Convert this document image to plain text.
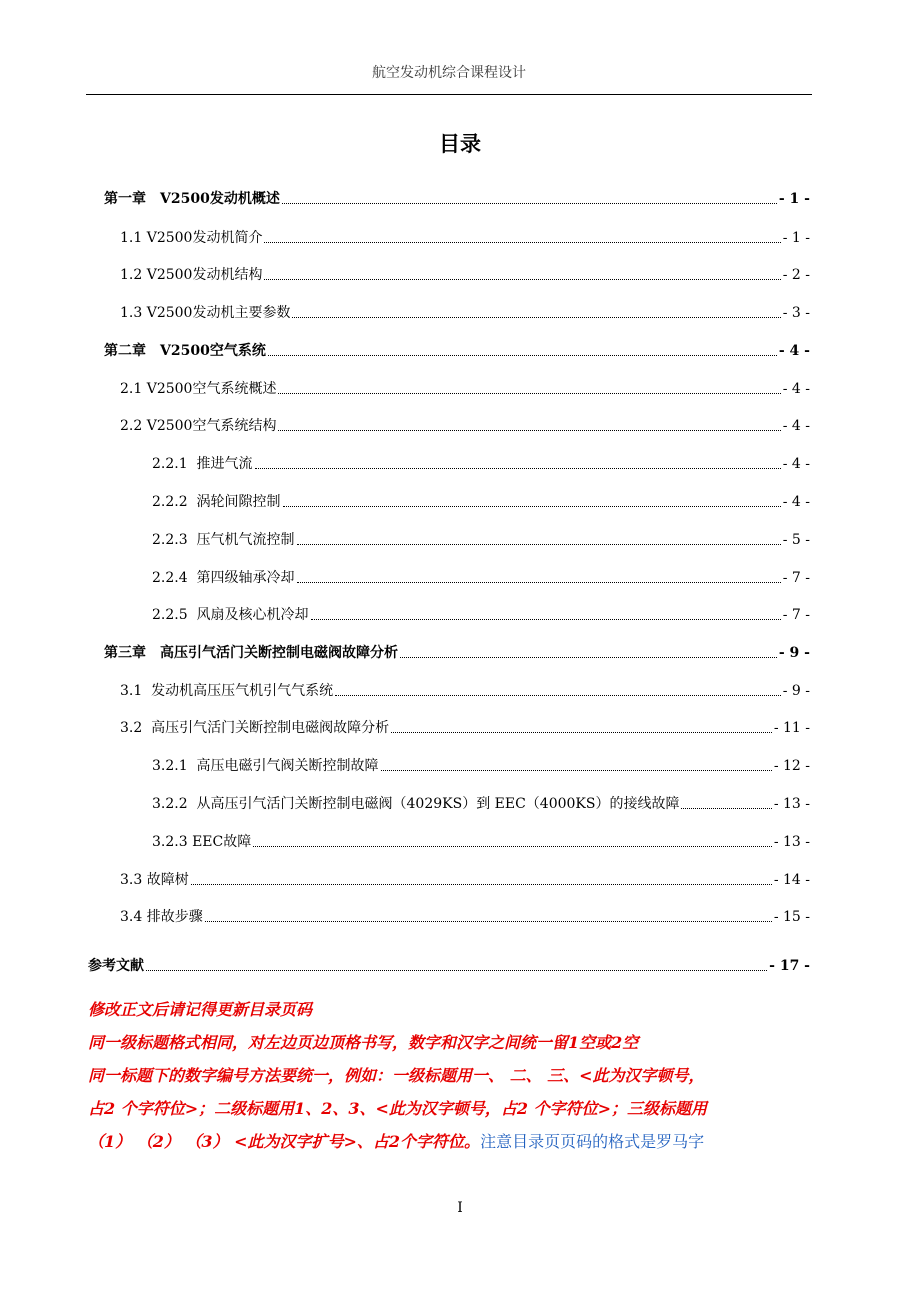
航空发动机综合课程设计
目录
第一章　V2500发动机概述	- 1 -
1.1 V2500发动机简介	- 1 -
1.2 V2500发动机结构	- 2 -
1.3 V2500发动机主要参数	- 3 -
第二章　V2500空气系统	- 4 -
2.1 V2500空气系统概述	- 4 -
2.2 V2500空气系统结构	- 4 -
2.2.1  推进气流	- 4 -
2.2.2  涡轮间隙控制	- 4 -
2.2.3  压气机气流控制	- 5 -
2.2.4  第四级轴承冷却	- 7 -
2.2.5  风扇及核心机冷却	- 7 -
第三章　高压引气活门关断控制电磁阀故障分析	- 9 -
3.1  发动机高压压气机引气气系统	- 9 -
3.2  高压引气活门关断控制电磁阀故障分析	- 11 -
3.2.1  高压电磁引气阀关断控制故障	- 12 -
3.2.2  从高压引气活门关断控制电磁阀（4029KS）到 EEC（4000KS）的接线故障	- 13 -
3.2.3 EEC故障	- 13 -
3.3 故障树	- 14 -
3.4 排故步骤	- 15 -
参考文献	- 17 -
修改正文后请记得更新目录页码
同一级标题格式相同，对左边页边顶格书写，数字和汉字之间统一留1空或2空
同一标题下的数字编号方法要统一，例如：一级标题用一、 二、 三、<此为汉字顿号，
占2 个字符位>；二级标题用1、2、3、<此为汉字顿号，占2 个字符位>；三级标题用
（1） （2） （3） <此为汉字扩号>、占2个字符位。注意目录页页码的格式是罗马字
I
